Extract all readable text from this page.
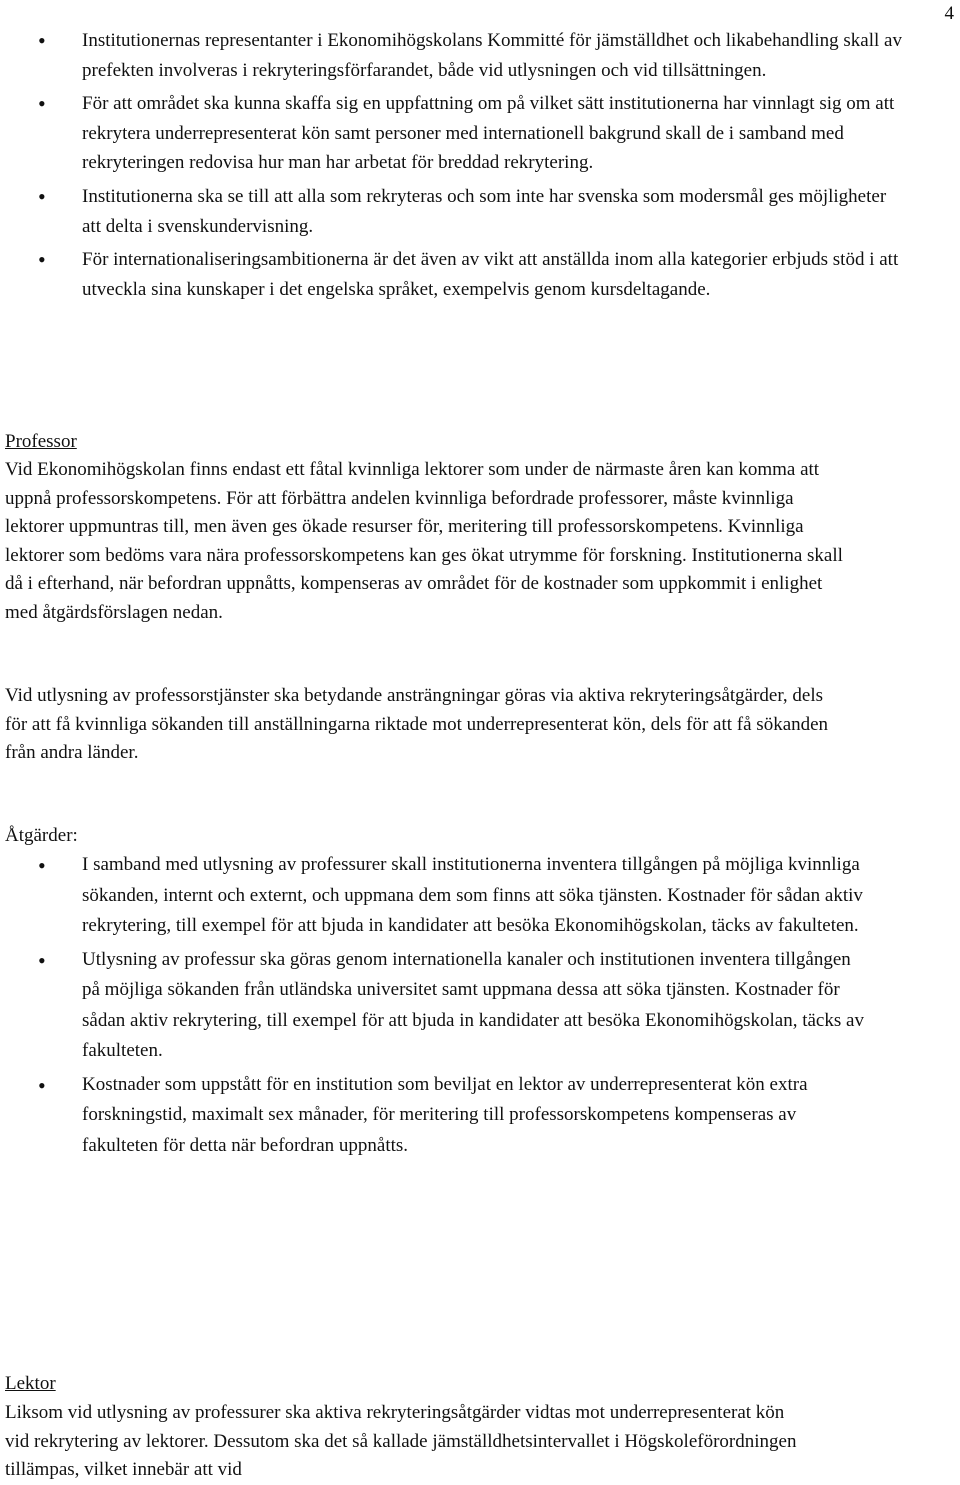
4
• Institutionernas representanter i Ekonomihögskolans Kommitté för jämställdhet och likabehandling skall av prefekten involveras i rekryteringsförfarandet, både vid utlysningen och vid tillsättningen.
• För att området ska kunna skaffa sig en uppfattning om på vilket sätt institutionerna har vinnlagt sig om att rekrytera underrepresenterat kön samt personer med internationell bakgrund skall de i samband med rekryteringen redovisa hur man har arbetat för breddad rekrytering.
• Institutionerna ska se till att alla som rekryteras och som inte har svenska som modersmål ges möjligheter att delta i svenskundervisning.
• För internationaliseringsambitionerna är det även av vikt att anställda inom alla kategorier erbjuds stöd i att utveckla sina kunskaper i det engelska språket, exempelvis genom kursdeltagande.
Professor

Vid Ekonomihögskolan finns endast ett fåtal kvinnliga lektorer som under de närmaste åren kan komma att uppnå professorskompetens. För att förbättra andelen kvinnliga befordrade professorer, måste kvinnliga lektorer uppmuntras till, men även ges ökade resurser för, meritering till professorskompetens. Kvinnliga lektorer som bedöms vara nära professorskompetens kan ges ökat utrymme för forskning. Institutionerna skall då i efterhand, när befordran uppnåtts, kompenseras av området för de kostnader som uppkommit i enlighet med åtgärdsförslagen nedan.

Vid utlysning av professorstjänster ska betydande ansträngningar göras via aktiva rekryteringsåtgärder, dels för att få kvinnliga sökanden till anställningarna riktade mot underrepresenterat kön, dels för att få sökanden från andra länder.

Åtgärder:
• I samband med utlysning av professurer skall institutionerna inventera tillgången på möjliga kvinnliga sökanden, internt och externt, och uppmana dem som finns att söka tjänsten. Kostnader för sådan aktiv rekrytering, till exempel för att bjuda in kandidater att besöka Ekonomihögskolan, täcks av fakulteten.
• Utlysning av professur ska göras genom internationella kanaler och institutionen inventera tillgången på möjliga sökanden från utländska universitet samt uppmana dessa att söka tjänsten. Kostnader för sådan aktiv rekrytering, till exempel för att bjuda in kandidater att besöka Ekonomihögskolan, täcks av fakulteten.
• Kostnader som uppstått för en institution som beviljat en lektor av underrepresenterat kön extra forskningstid, maximalt sex månader, för meritering till professorskompetens kompenseras av fakulteten för detta när befordran uppnåtts.
Lektor

Liksom vid utlysning av professurer ska aktiva rekryteringsåtgärder vidtas mot underrepresenterat kön vid rekrytering av lektorer. Dessutom ska det så kallade jämställdhetsintervallet i Högskoleförordningen tillämpas, vilket innebär att vid
